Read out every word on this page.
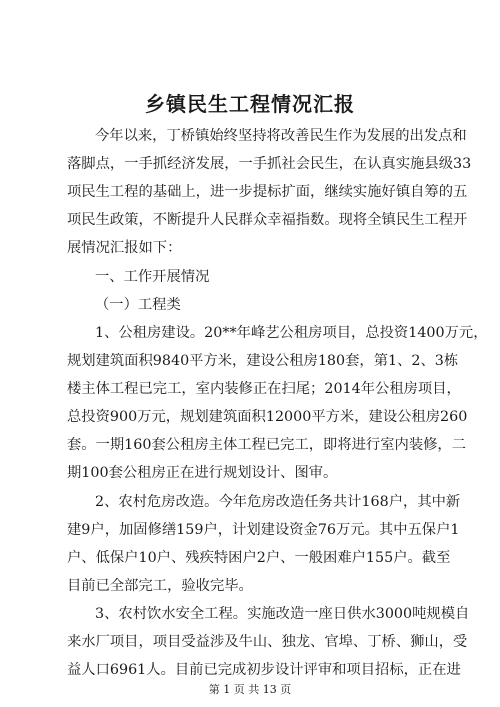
乡镇民生工程情况汇报
今年以来，丁桥镇始终坚持将改善民生作为发展的出发点和
落脚点，一手抓经济发展，一手抓社会民生，在认真实施县级33
项民生工程的基础上，进一步提标扩面，继续实施好镇自筹的五
项民生政策，不断提升人民群众幸福指数。现将全镇民生工程开
展情况汇报如下：
一、工作开展情况
（一）工程类
1、公租房建设。20**年峰艺公租房项目，总投资1400万元，
规划建筑面积9840平方米，建设公租房180套，第1、2、3栋
楼主体工程已完工，室内装修正在扫尾；2014年公租房项目，
总投资900万元，规划建筑面积12000平方米，建设公租房260
套。一期160套公租房主体工程已完工，即将进行室内装修，二
期100套公租房正在进行规划设计、图审。
2、农村危房改造。今年危房改造任务共计168户，其中新
建9户，加固修缮159户，计划建设资金76万元。其中五保户1
户、低保户10户、残疾特困户2户、一般困难户155户。截至
目前已全部完工，验收完毕。
3、农村饮水安全工程。实施改造一座日供水3000吨规模自
来水厂项目，项目受益涉及牛山、独龙、官埠、丁桥、狮山，受
益人口6961人。目前已完成初步设计评审和项目招标，正在进
第 1 页 共 13 页
